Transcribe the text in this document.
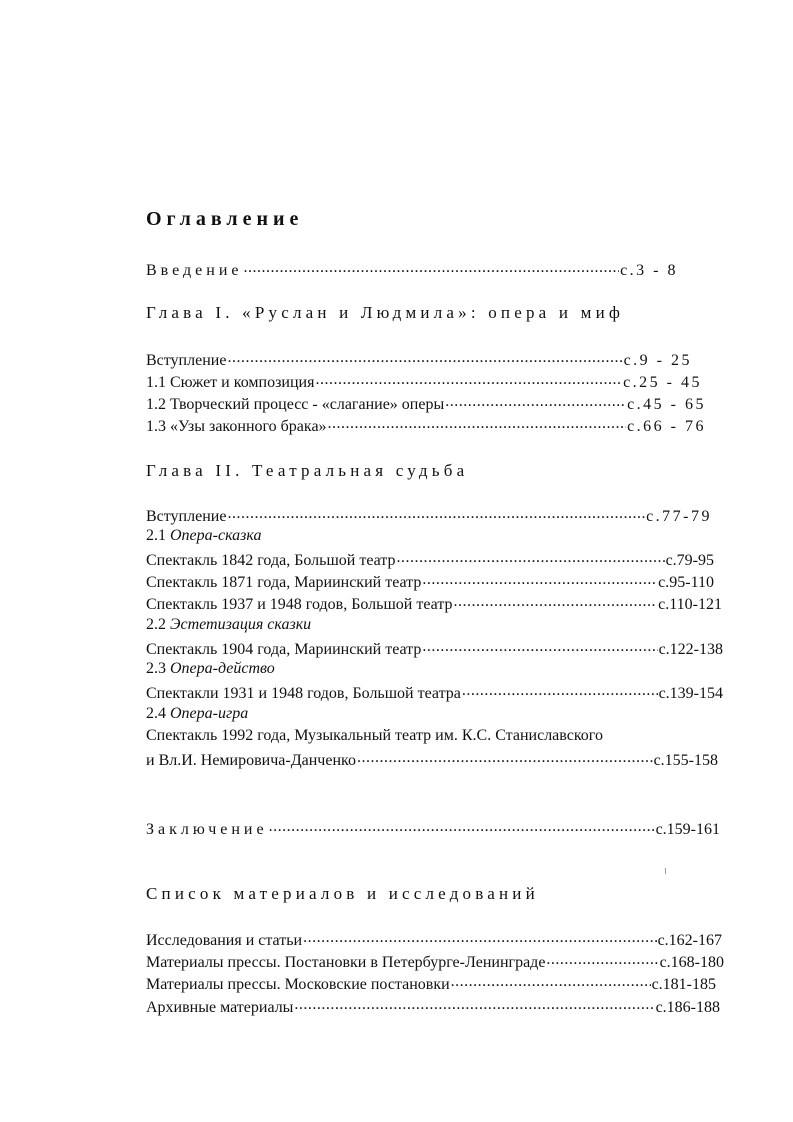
Оглавление
Введение .....	с.3 - 8
Глава I. «Руслан и Людмила»: опера и миф
Вступление .....	с.9 - 25
1.1 Сюжет и композиция .....	с.25 - 45
1.2 Творческий процесс - «слагание» оперы .....	с.45 - 65
1.3 «Узы законного брака» .....	с.66 - 76
Глава II. Театральная судьба
Вступление .....	с.77-79
2.1 Опера-сказка
Спектакль 1842 года, Большой театр .....	с.79-95
Спектакль 1871 года, Мариинский театр .....	с.95-110
Спектакль 1937 и 1948 годов, Большой театр .....	с.110-121
2.2 Эстетизация сказки
Спектакль 1904 года, Мариинский театр .....	с.122-138
2.3 Опера-действо
Спектакли 1931 и 1948 годов, Большой театра .....	с.139-154
2.4 Опера-игра
Спектакль 1992 года, Музыкальный театр им. К.С. Станиславского
и Вл.И. Немировича-Данченко .....	с.155-158
Заключение .....	с.159-161
Список материалов и исследований
Исследования и статьи .....	с.162-167
Материалы прессы. Постановки в Петербурге-Ленинграде .....	с.168-180
Материалы прессы. Московские постановки .....	с.181-185
Архивные материалы .....	с.186-188
